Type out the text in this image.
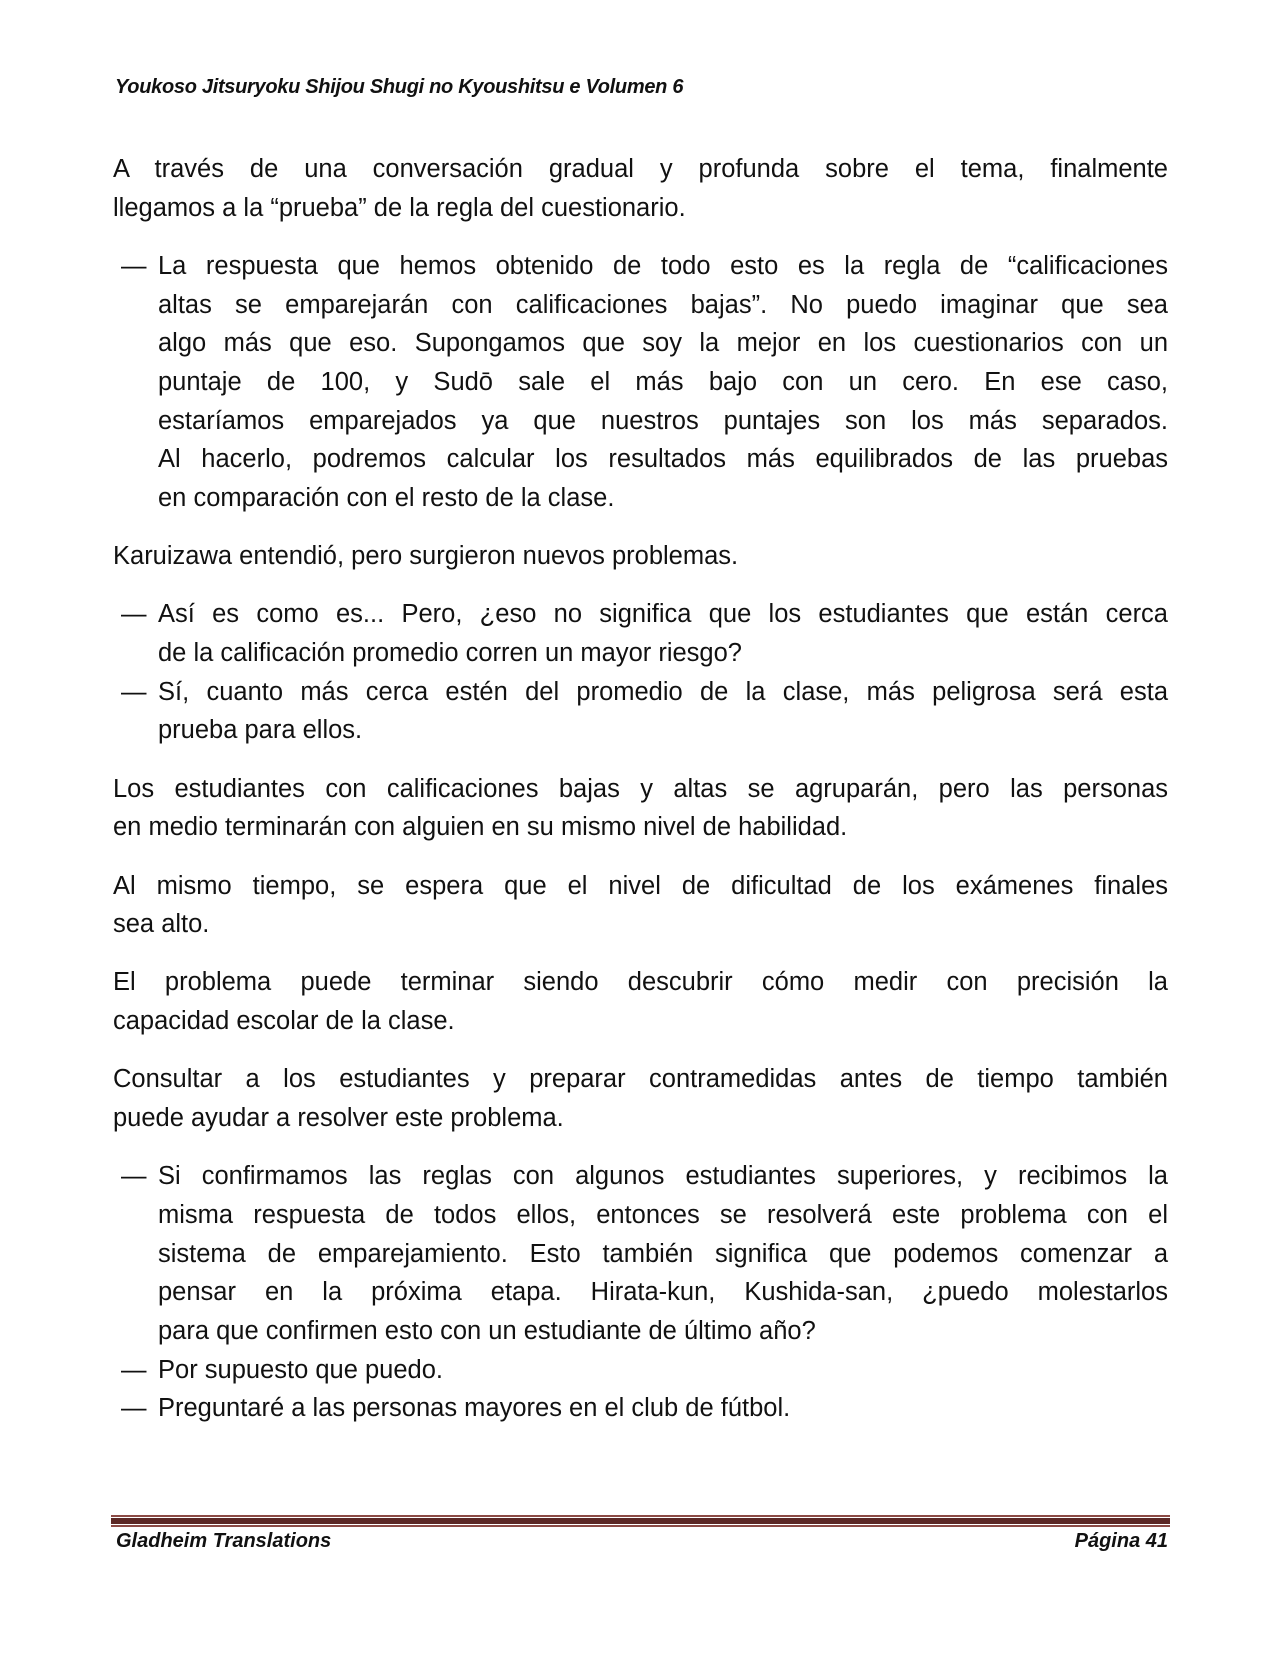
Youkoso Jitsuryoku Shijou Shugi no Kyoushitsu e Volumen 6
A través de una conversación gradual y profunda sobre el tema, finalmente
llegamos a la “prueba” de la regla del cuestionario.
— La respuesta que hemos obtenido de todo esto es la regla de “calificaciones
altas se emparejarán con calificaciones bajas”. No puedo imaginar que sea
algo más que eso. Supongamos que soy la mejor en los cuestionarios con un
puntaje de 100, y Sudō sale el más bajo con un cero. En ese caso,
estaríamos emparejados ya que nuestros puntajes son los más separados.
Al hacerlo, podremos calcular los resultados más equilibrados de las pruebas
en comparación con el resto de la clase.
Karuizawa entendió, pero surgieron nuevos problemas.
— Así es como es... Pero, ¿eso no significa que los estudiantes que están cerca
de la calificación promedio corren un mayor riesgo?
— Sí, cuanto más cerca estén del promedio de la clase, más peligrosa será esta
prueba para ellos.
Los estudiantes con calificaciones bajas y altas se agruparán, pero las personas
en medio terminarán con alguien en su mismo nivel de habilidad.
Al mismo tiempo, se espera que el nivel de dificultad de los exámenes finales
sea alto.
El problema puede terminar siendo descubrir cómo medir con precisión la
capacidad escolar de la clase.
Consultar a los estudiantes y preparar contramedidas antes de tiempo también
puede ayudar a resolver este problema.
— Si confirmamos las reglas con algunos estudiantes superiores, y recibimos la
misma respuesta de todos ellos, entonces se resolverá este problema con el
sistema de emparejamiento. Esto también significa que podemos comenzar a
pensar en la próxima etapa. Hirata-kun, Kushida-san, ¿puedo molestarlos
para que confirmen esto con un estudiante de último año?
— Por supuesto que puedo.
— Preguntaré a las personas mayores en el club de fútbol.
Gladheim Translations	Página 41
